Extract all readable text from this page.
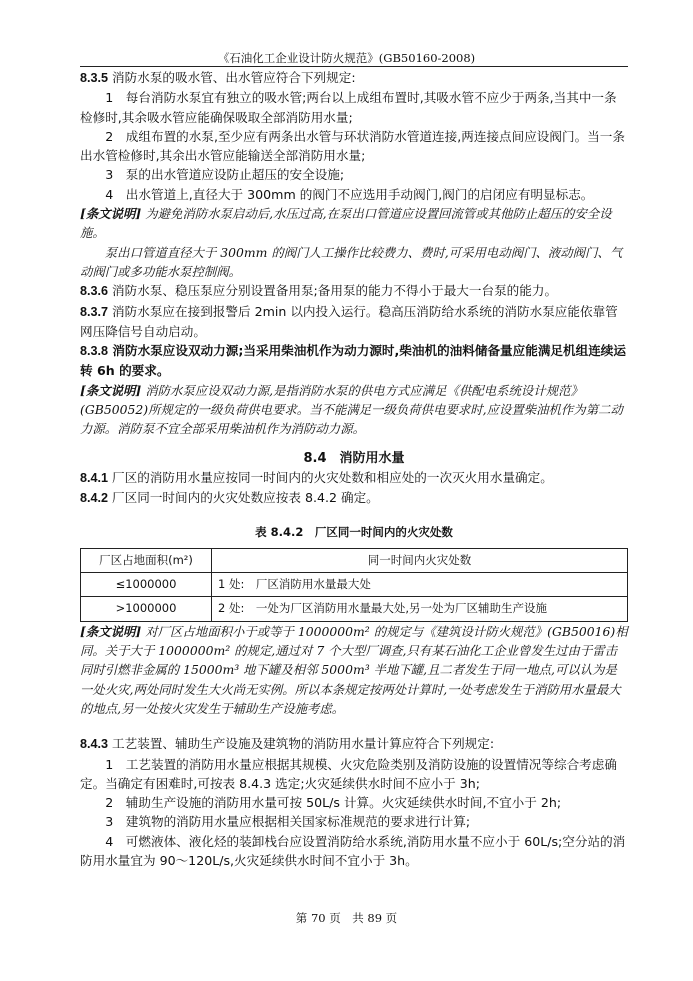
《石油化工企业设计防火规范》(GB50160-2008)

8.3.5 消防水泵的吸水管、出水管应符合下列规定:

1　每台消防水泵宜有独立的吸水管;两台以上成组布置时,其吸水管不应少于两条,当其中一条检修时,其余吸水管应能确保吸取全部消防用水量;

2　成组布置的水泵,至少应有两条出水管与环状消防水管道连接,两连接点间应设阀门。当一条出水管检修时,其余出水管应能输送全部消防用水量;

3　泵的出水管道应设防止超压的安全设施;

4　出水管道上,直径大于 300mm 的阀门不应选用手动阀门,阀门的启闭应有明显标志。

[条文说明] 为避免消防水泵启动后,水压过高,在泵出口管道应设置回流管或其他防止超压的安全设施。

泵出口管道直径大于 300mm 的阀门人工操作比较费力、费时,可采用电动阀门、液动阀门、气动阀门或多功能水泵控制阀。

8.3.6 消防水泵、稳压泵应分别设置备用泵;备用泵的能力不得小于最大一台泵的能力。

8.3.7 消防水泵应在接到报警后 2min 以内投入运行。稳高压消防给水系统的消防水泵应能依靠管网压降信号自动启动。

8.3.8 消防水泵应设双动力源;当采用柴油机作为动力源时,柴油机的油料储备量应能满足机组连续运转 6h 的要求。

[条文说明] 消防水泵应设双动力源,是指消防水泵的供电方式应满足《供配电系统设计规范》(GB50052)所规定的一级负荷供电要求。当不能满足一级负荷供电要求时,应设置柴油机作为第二动力源。消防泵不宜全部采用柴油机作为消防动力源。

8.4　消防用水量

8.4.1 厂区的消防用水量应按同一时间内的火灾处数和相应处的一次灭火用水量确定。

8.4.2 厂区同一时间内的火灾处数应按表 8.4.2 确定。

表 8.4.2　厂区同一时间内的火灾处数

厂区占地面积(m²)	同一时间内火灾处数
≤1000000	1 处:　厂区消防用水量最大处
>1000000	2 处:　一处为厂区消防用水量最大处,另一处为厂区辅助生产设施

[条文说明] 对厂区占地面积小于或等于 1000000m² 的规定与《建筑设计防火规范》(GB50016)相同。关于大于 1000000m² 的规定,通过对 7 个大型厂调查,只有某石油化工企业曾发生过由于雷击同时引燃非金属的 15000m³ 地下罐及相邻 5000m³ 半地下罐,且二者发生于同一地点,可以认为是一处火灾,两处同时发生大火尚无实例。所以本条规定按两处计算时,一处考虑发生于消防用水量最大的地点,另一处按火灾发生于辅助生产设施考虑。

8.4.3 工艺装置、辅助生产设施及建筑物的消防用水量计算应符合下列规定:

1　工艺装置的消防用水量应根据其规模、火灾危险类别及消防设施的设置情况等综合考虑确定。当确定有困难时,可按表 8.4.3 选定;火灾延续供水时间不应小于 3h;

2　辅助生产设施的消防用水量可按 50L/s 计算。火灾延续供水时间,不宜小于 2h;

3　建筑物的消防用水量应根据相关国家标准规范的要求进行计算;

4　可燃液体、液化烃的装卸栈台应设置消防给水系统,消防用水量不应小于 60L/s;空分站的消防用水量宜为 90～120L/s,火灾延续供水时间不宜小于 3h。

第 70 页　共 89 页
